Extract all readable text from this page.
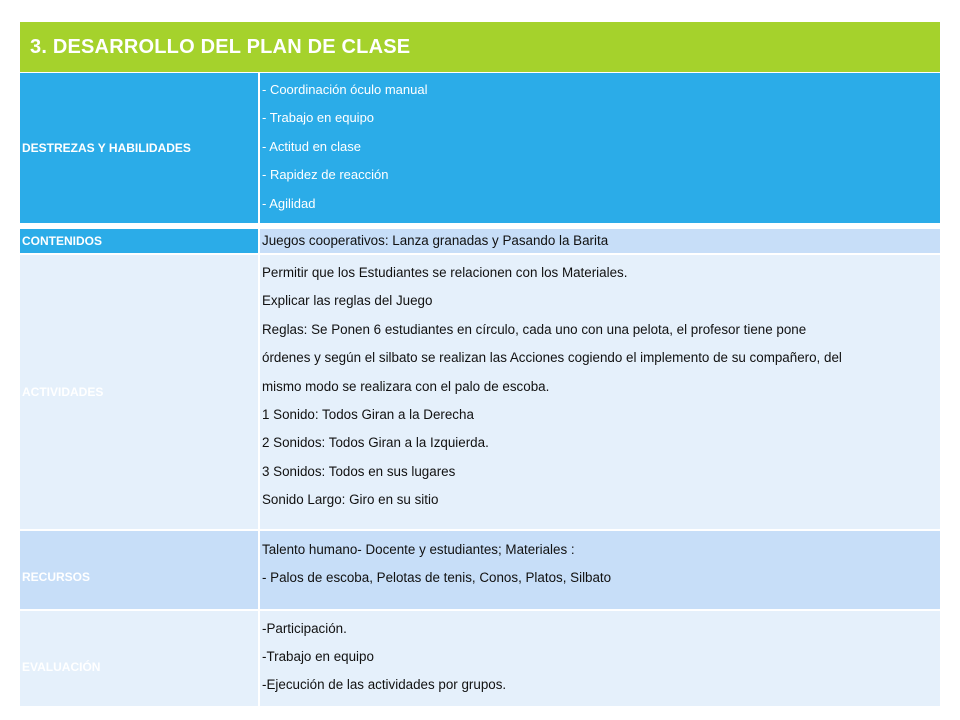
3. DESARROLLO DEL PLAN DE CLASE
DESTREZAS Y HABILIDADES
- Coordinación óculo manual
- Trabajo en equipo
- Actitud en clase
- Rapidez de reacción
- Agilidad
CONTENIDOS	Juegos cooperativos: Lanza granadas y Pasando la Barita
ACTIVIDADES
Permitir que los Estudiantes se relacionen con los Materiales.
Explicar las reglas del Juego
Reglas: Se Ponen 6 estudiantes en círculo, cada uno con una pelota, el profesor tiene pone
órdenes y según el silbato se realizan las Acciones cogiendo el implemento de su compañero, del
mismo modo se realizara con el palo de escoba.
1 Sonido: Todos Giran a la Derecha
2 Sonidos: Todos Giran a la Izquierda.
3 Sonidos: Todos en sus lugares
Sonido Largo: Giro en su sitio
RECURSOS
Talento humano- Docente y estudiantes; Materiales :
- Palos de escoba, Pelotas de tenis, Conos, Platos, Silbato
EVALUACIÓN
-Participación.
-Trabajo en equipo
-Ejecución de las actividades por grupos.
